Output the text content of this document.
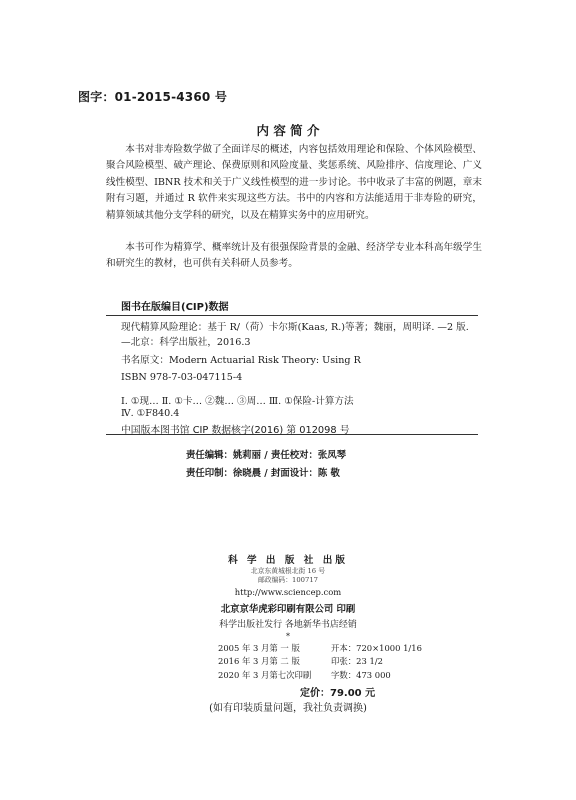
图字：01-2015-4360 号
内 容 简 介

本书对非寿险数学做了全面详尽的概述，内容包括效用理论和保险、个体风险模型、聚合风险模型、破产理论、保费原则和风险度量、奖惩系统、风险排序、信度理论、广义线性模型、IBNR 技术和关于广义线性模型的进一步讨论。书中收录了丰富的例题，章末附有习题，并通过 R 软件来实现这些方法。书中的内容和方法能适用于非寿险的研究，精算领域其他分支学科的研究，以及在精算实务中的应用研究。

本书可作为精算学、概率统计及有很强保险背景的金融、经济学专业本科高年级学生和研究生的教材，也可供有关科研人员参考。

图书在版编目(CIP)数据

现代精算风险理论：基于 R/（荷）卡尔斯(Kaas, R.)等著；魏丽，周明译. —2 版. —北京：科学出版社，2016.3

书名原文：Modern Actuarial Risk Theory: Using R
ISBN 978-7-03-047115-4
Ⅰ. ①现… Ⅱ. ①卡… ②魏… ③周… Ⅲ. ①保险-计算方法
Ⅳ. ①F840.4
中国版本图书馆 CIP 数据核字(2016) 第 012098 号
责任编辑：姚莉丽 / 责任校对：张凤琴
责任印制：徐晓晨 / 封面设计：陈 敬
科 学 出 版 社 出版
北京东黄城根北街 16 号
邮政编码：100717
http://www.sciencep.com
北京京华虎彩印刷有限公司 印刷
科学出版社发行 各地新华书店经销
*
2005 年 3 月第 一 版	开本：720×1000 1/16
2016 年 3 月第 二 版	印张：23 1/2
2020 年 3 月第七次印刷 字数：473 000
定价：79.00 元
(如有印装质量问题，我社负责调换)
